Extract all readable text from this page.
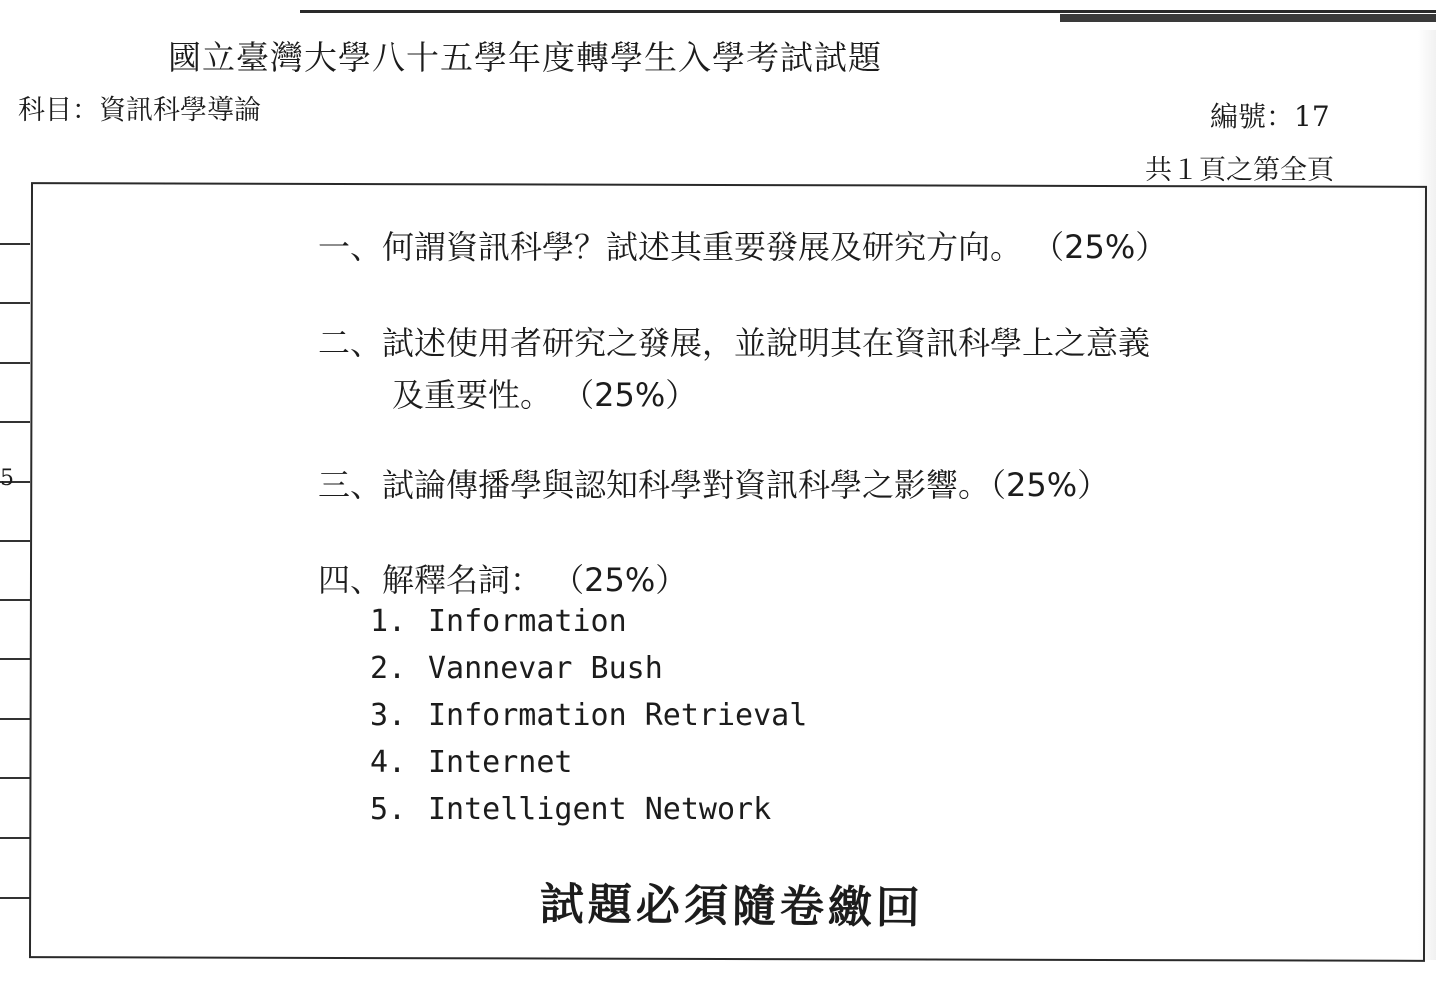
國立臺灣大學八十五學年度轉學生入學考試試題
科目：資訊科學導論	編號：17
共１頁之第全頁
5
一、何謂資訊科學？試述其重要發展及研究方向。 （25%）
二、試述使用者研究之發展，並說明其在資訊科學上之意義
及重要性。 （25%）
三、試論傳播學與認知科學對資訊科學之影響。（25%）
四、解釋名詞： （25%）
1. Information
2. Vannevar Bush
3. Information Retrieval
4. Internet
5. Intelligent Network
試題必須隨卷繳回
